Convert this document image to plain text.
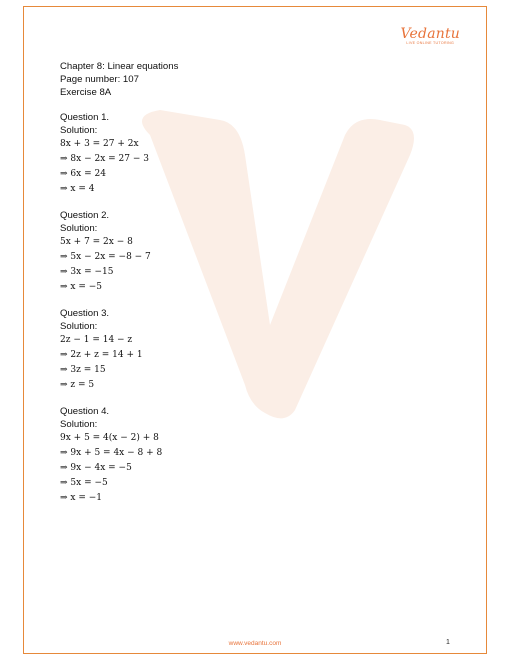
Vedantu
LIVE ONLINE TUTORING
Chapter 8: Linear equations
Page number: 107
Exercise 8A
Question 1.
Solution:
8x + 3 = 27 + 2x
⇒ 8x − 2x = 27 − 3
⇒ 6x = 24
⇒ x = 4
Question 2.
Solution:
5x + 7 = 2x − 8
⇒ 5x − 2x = −8 − 7
⇒ 3x = −15
⇒ x = −5
Question 3.
Solution:
2z − 1 = 14 − z
⇒ 2z + z = 14 + 1
⇒ 3z = 15
⇒ z = 5
Question 4.
Solution:
9x + 5 = 4(x − 2) + 8
⇒ 9x + 5 = 4x − 8 + 8
⇒ 9x − 4x = −5
⇒ 5x = −5
⇒ x = −1
www.vedantu.com	1
